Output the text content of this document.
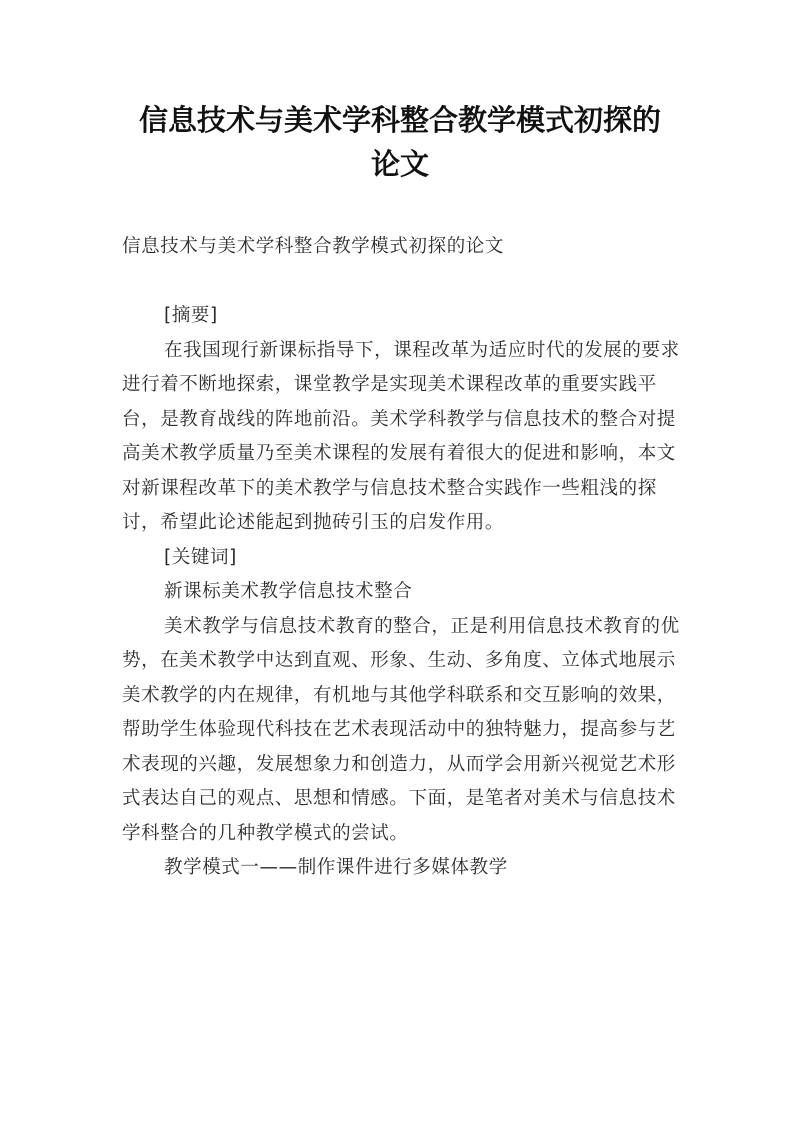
信息技术与美术学科整合教学模式初探的
论文

信息技术与美术学科整合教学模式初探的论文

[摘要]

在我国现行新课标指导下，课程改革为适应时代的发展的要求进行着不断地探索，课堂教学是实现美术课程改革的重要实践平台，是教育战线的阵地前沿。美术学科教学与信息技术的整合对提高美术教学质量乃至美术课程的发展有着很大的促进和影响，本文对新课程改革下的美术教学与信息技术整合实践作一些粗浅的探讨，希望此论述能起到抛砖引玉的启发作用。

[关键词]

新课标美术教学信息技术整合

美术教学与信息技术教育的整合，正是利用信息技术教育的优势，在美术教学中达到直观、形象、生动、多角度、立体式地展示美术教学的内在规律，有机地与其他学科联系和交互影响的效果，帮助学生体验现代科技在艺术表现活动中的独特魅力，提高参与艺术表现的兴趣，发展想象力和创造力，从而学会用新兴视觉艺术形式表达自己的观点、思想和情感。下面，是笔者对美术与信息技术学科整合的几种教学模式的尝试。

教学模式一——制作课件进行多媒体教学
